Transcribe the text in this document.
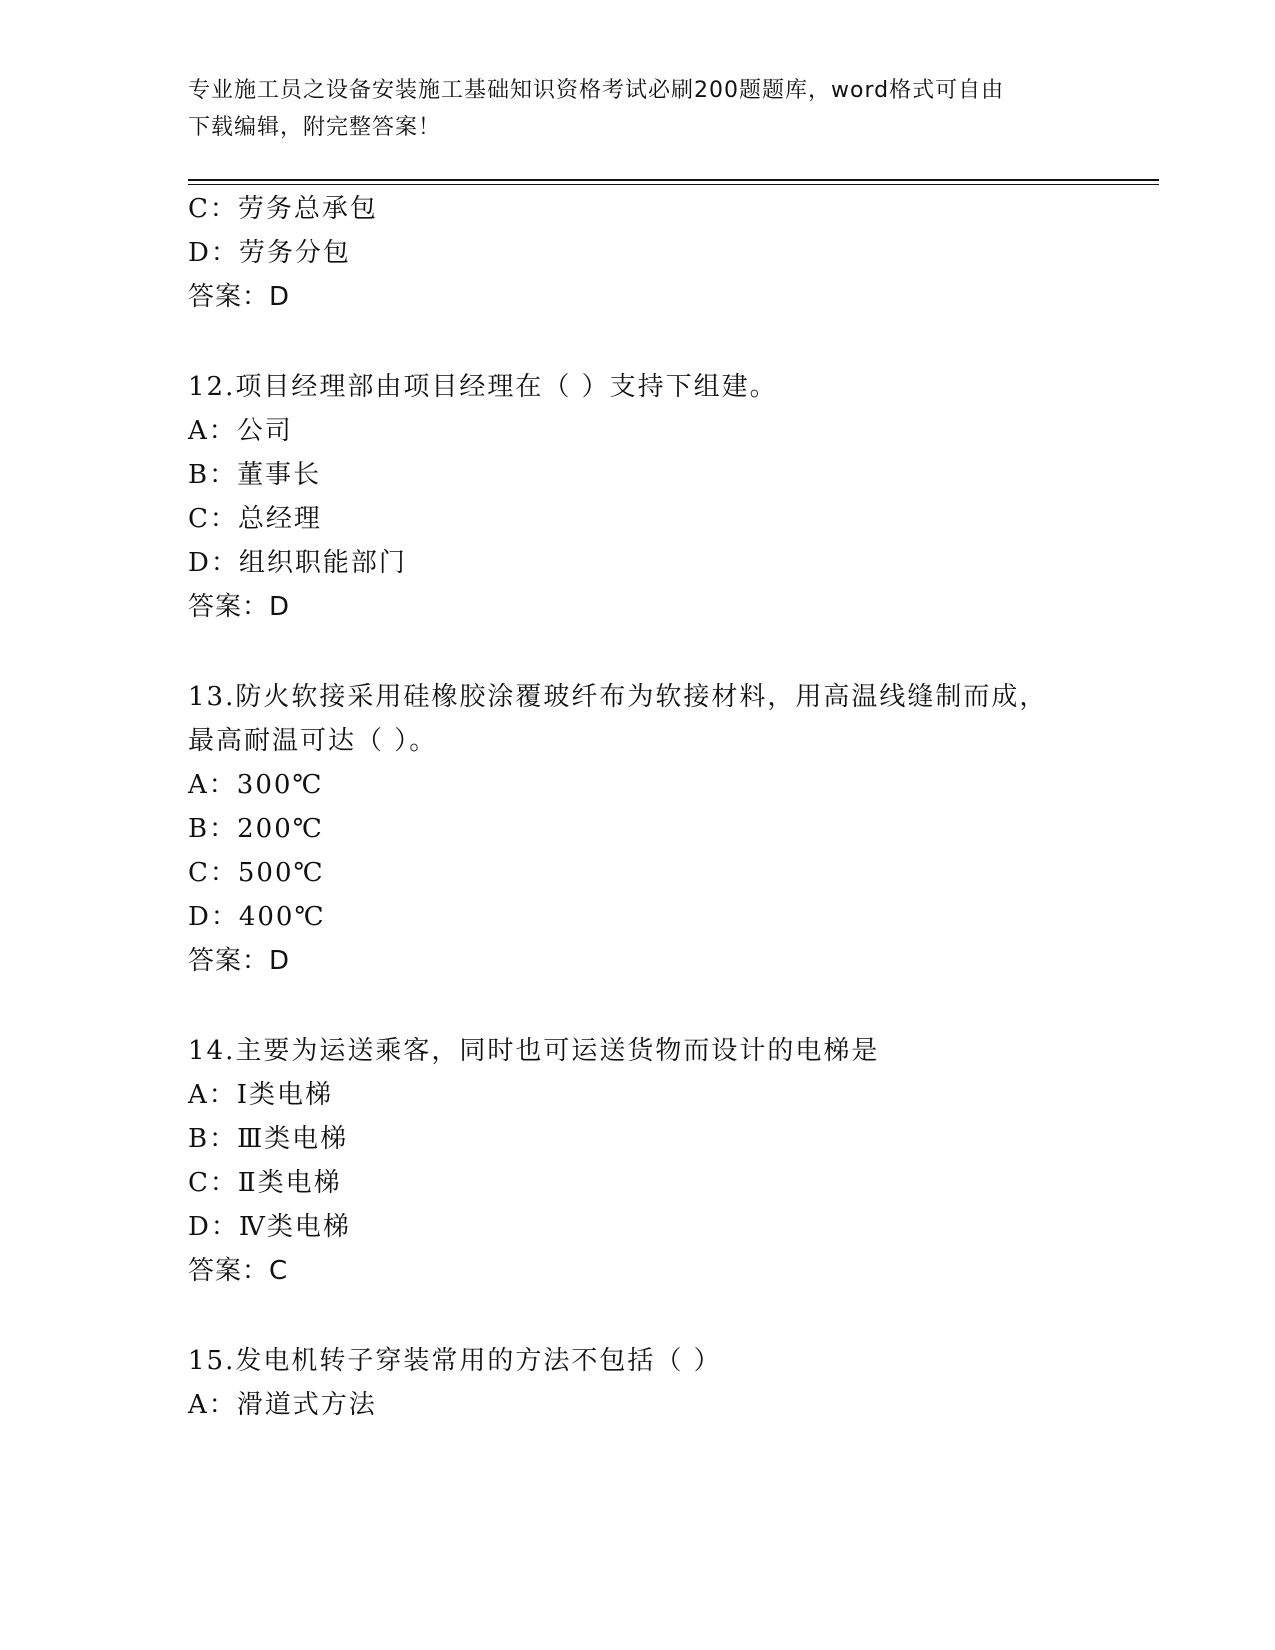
专业施工员之设备安装施工基础知识资格考试必刷200题题库，word格式可自由
下载编辑，附完整答案！
C：劳务总承包
D：劳务分包
答案：D
12.项目经理部由项目经理在（ ）支持下组建。
A：公司
B：董事长
C：总经理
D：组织职能部门
答案：D
13.防火软接采用硅橡胶涂覆玻纤布为软接材料，用高温线缝制而成，
最高耐温可达（ ）。
A：300℃
B：200℃
C：500℃
D：400℃
答案：D
14.主要为运送乘客，同时也可运送货物而设计的电梯是
A：Ⅰ类电梯
B：Ⅲ类电梯
C：Ⅱ类电梯
D：Ⅳ类电梯
答案：C
15.发电机转子穿装常用的方法不包括（ ）
A：滑道式方法
